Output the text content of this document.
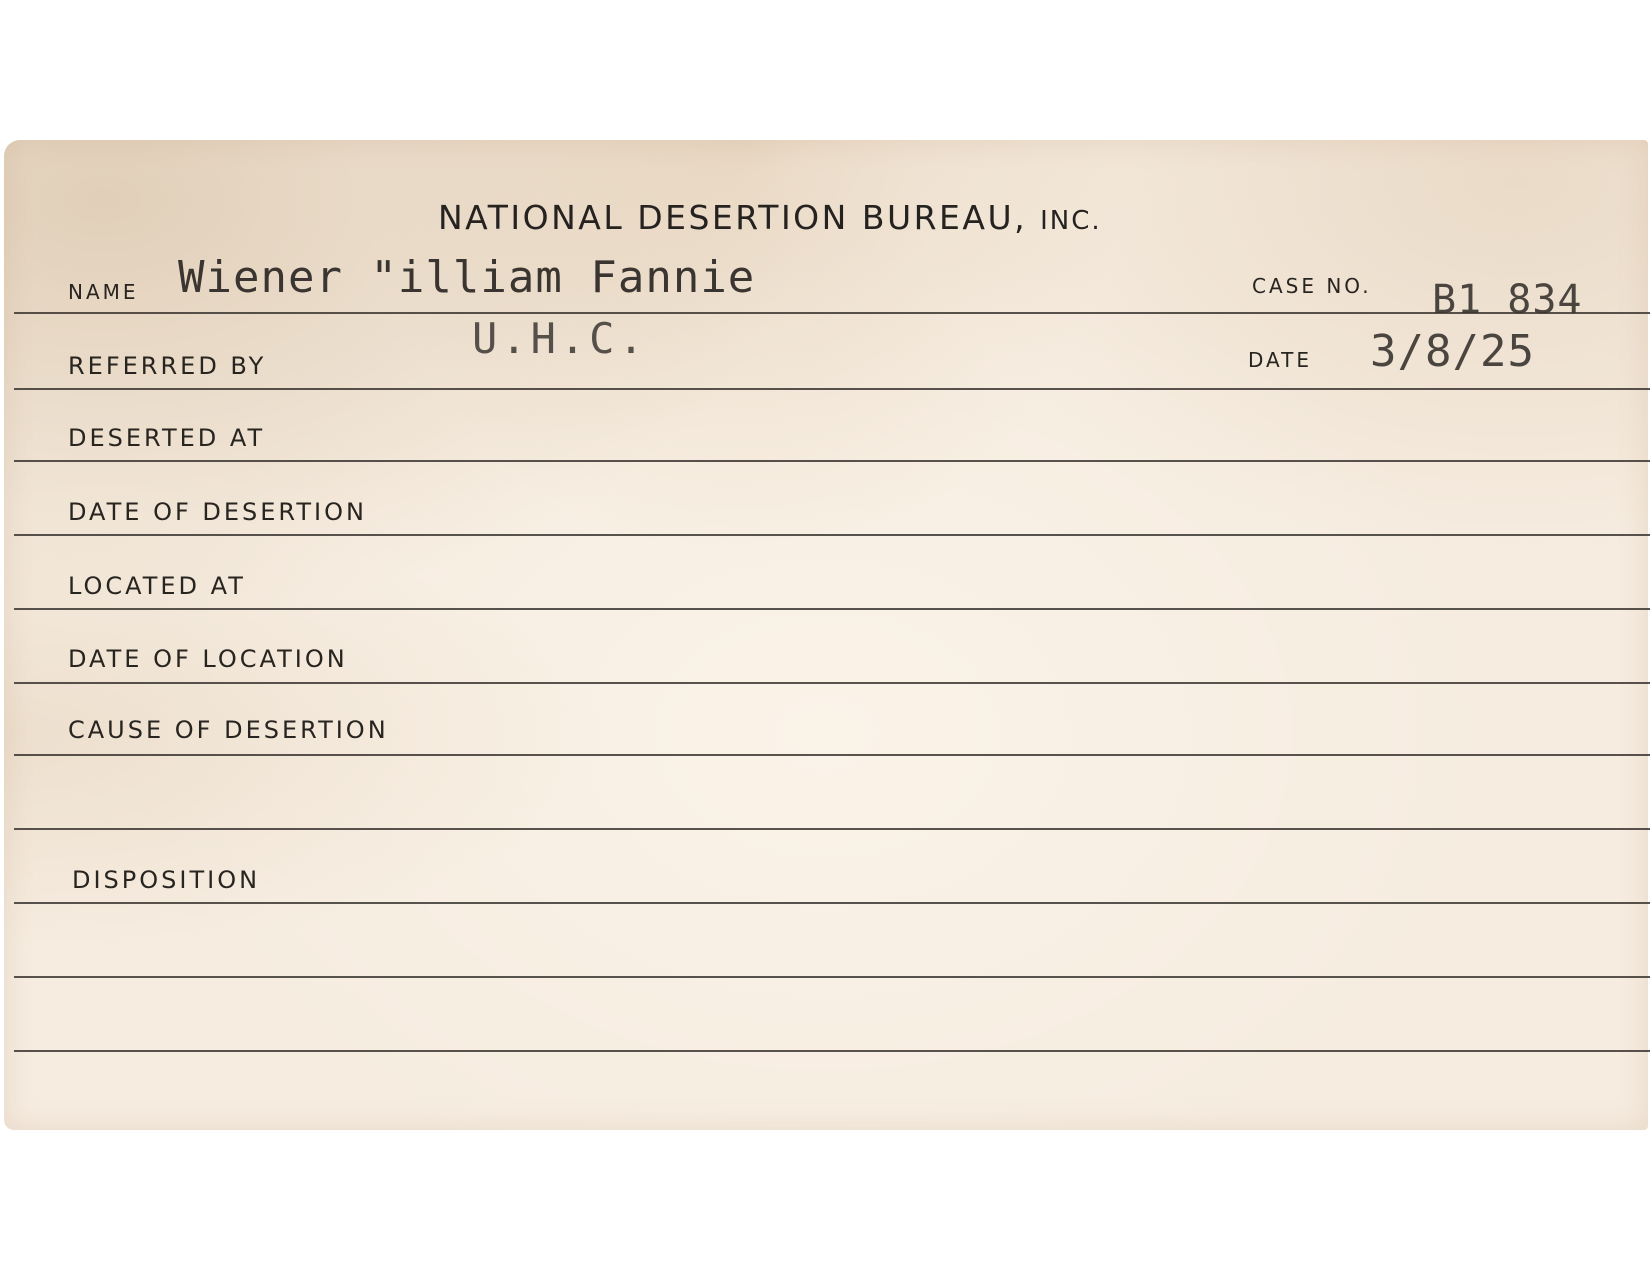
NATIONAL DESERTION BUREAU, INC.
NAME Wiener "illiam Fannie	CASE NO. B1 834
U.H.C.
REFERRED BY	DATE 3/8/25
DESERTED AT
DATE OF DESERTION
LOCATED AT
DATE OF LOCATION
CAUSE OF DESERTION
DISPOSITION
